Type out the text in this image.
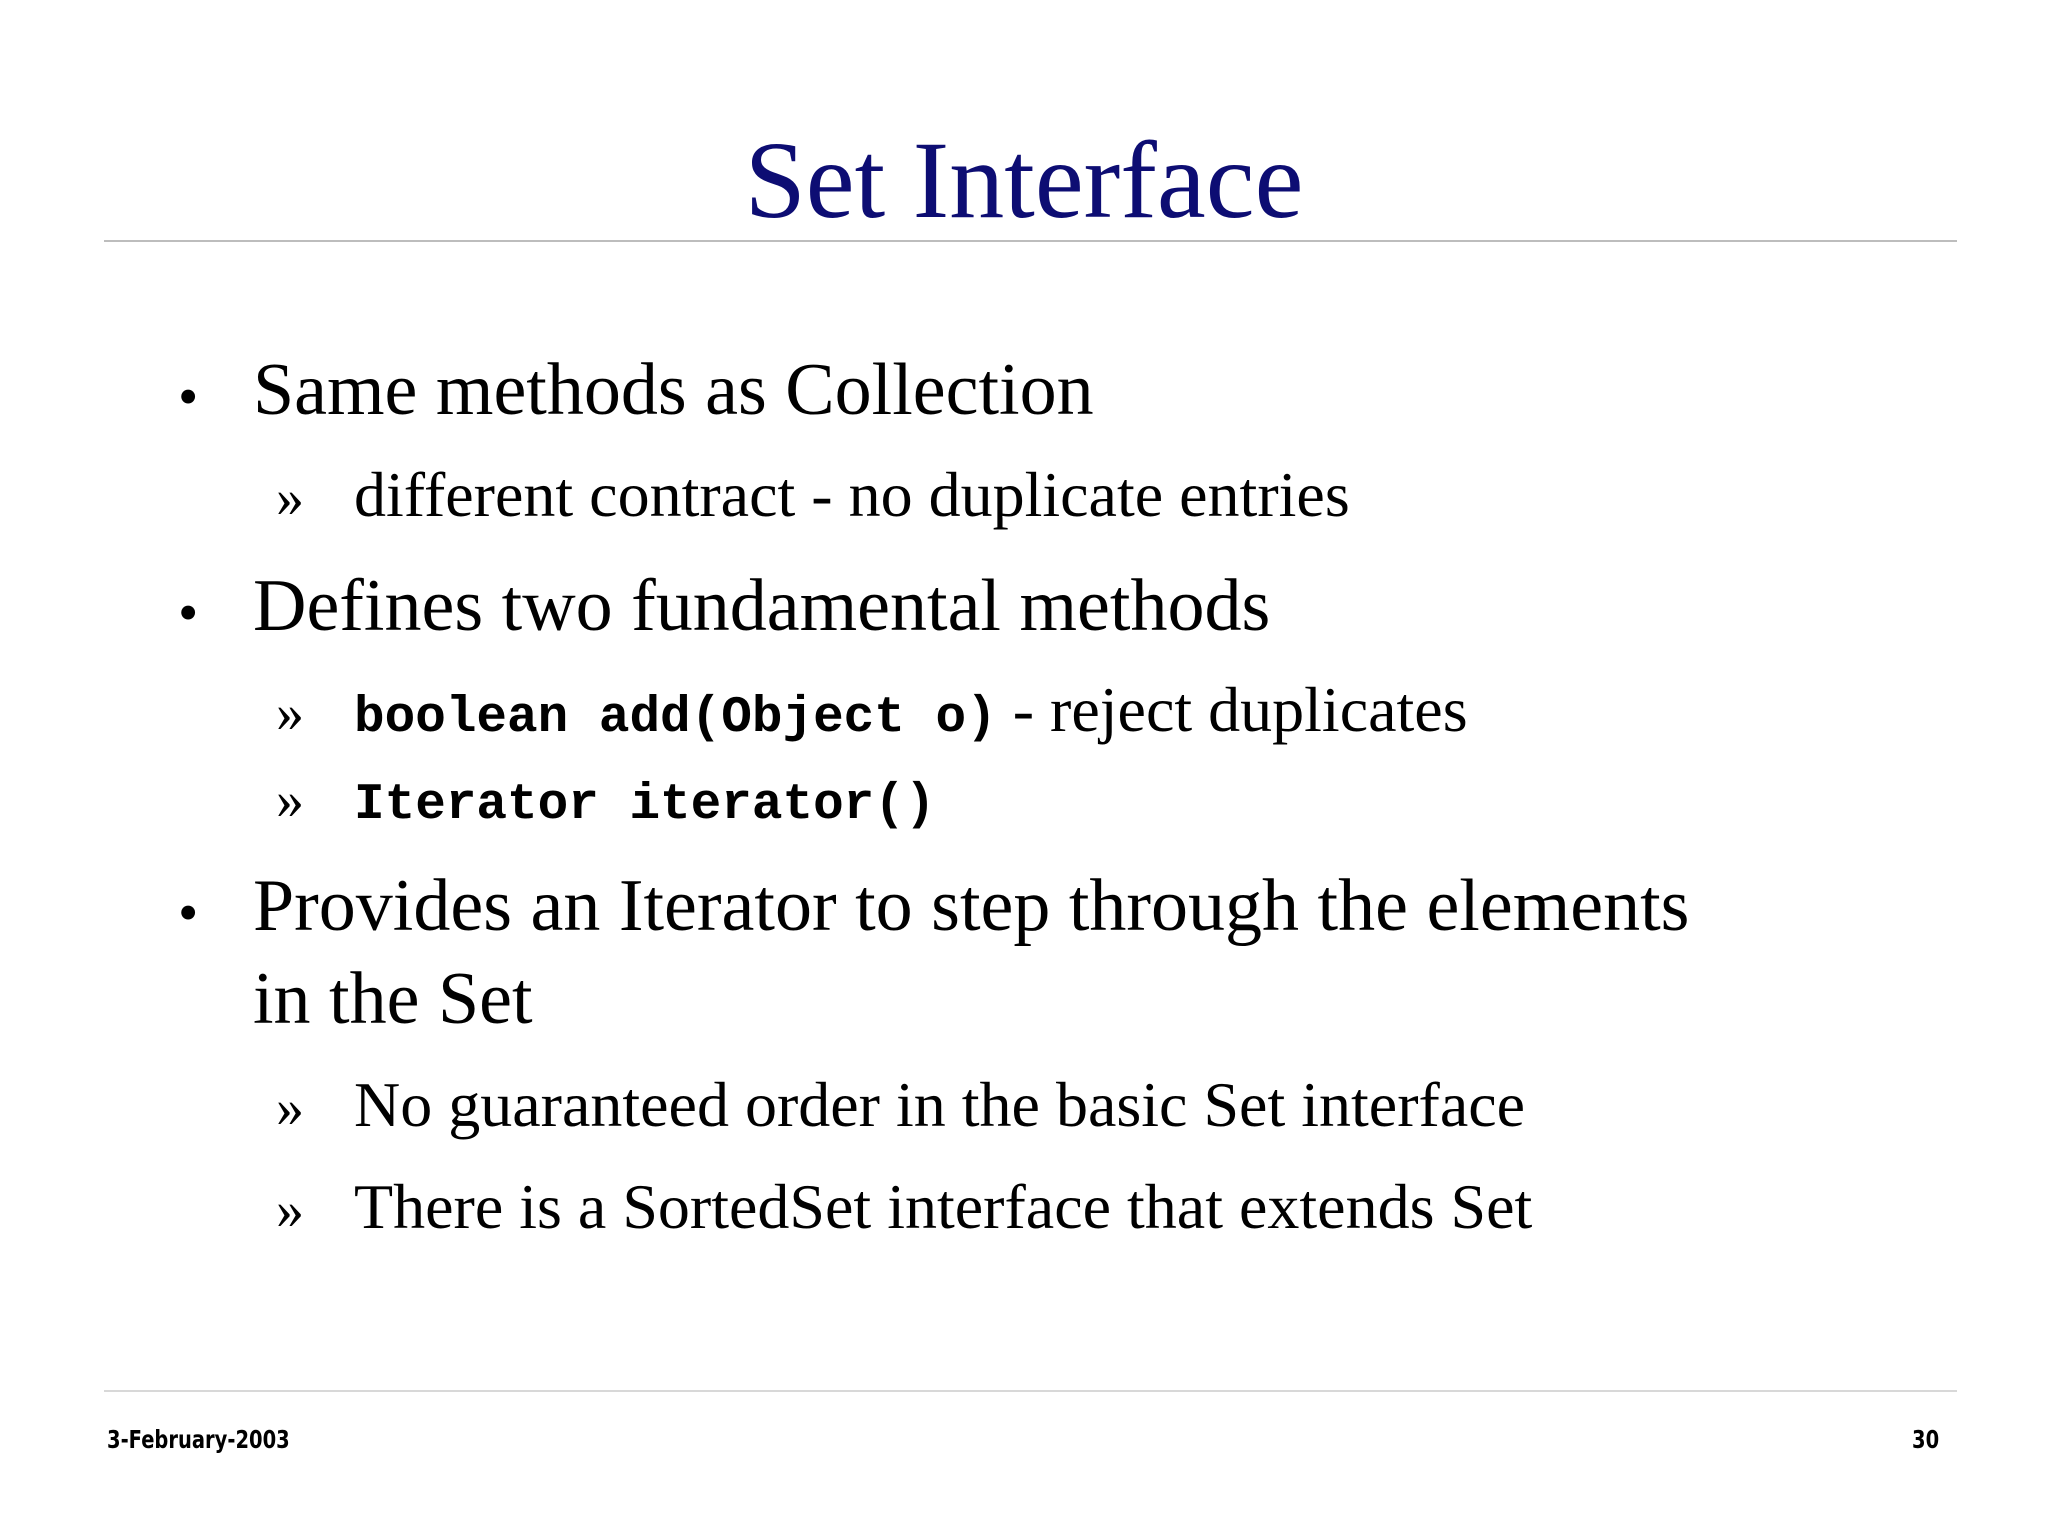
Set Interface
• Same methods as Collection
» different contract - no duplicate entries
• Defines two fundamental methods
» boolean add(Object o) - reject duplicates
» Iterator iterator()
• Provides an Iterator to step through the elements
in the Set
» No guaranteed order in the basic Set interface
» There is a SortedSet interface that extends Set
3-February-2003	30
